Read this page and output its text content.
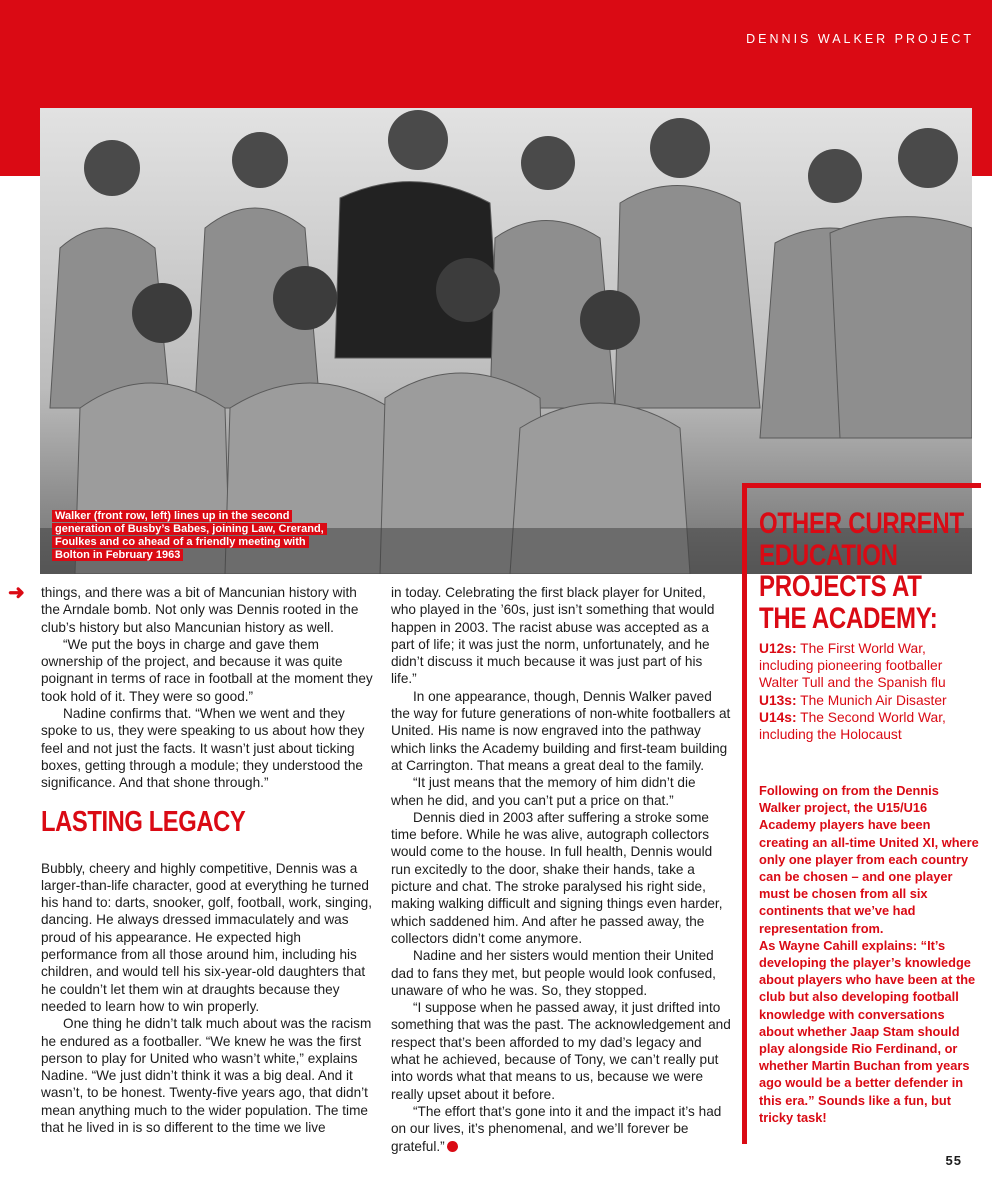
DENNIS WALKER PROJECT
Walker (front row, left) lines up in the second generation of Busby’s Babes, joining Law, Crerand, Foulkes and co ahead of a friendly meeting with Bolton in February 1963
➜ things, and there was a bit of Mancunian history with the Arndale bomb. Not only was Dennis rooted in the club’s history but also Mancunian history as well.

“We put the boys in charge and gave them ownership of the project, and because it was quite poignant in terms of race in football at the moment they took hold of it. They were so good.”

Nadine confirms that. “When we went and they spoke to us, they were speaking to us about how they feel and not just the facts. It wasn’t just about ticking boxes, getting through a module; they understood the significance. And that shone through.”

LASTING LEGACY

Bubbly, cheery and highly competitive, Dennis was a larger-than-life character, good at everything he turned his hand to: darts, snooker, golf, football, work, singing, dancing. He always dressed immaculately and was proud of his appearance. He expected high performance from all those around him, including his children, and would tell his six-year-old daughters that he couldn’t let them win at draughts because they needed to learn how to win properly.

One thing he didn’t talk much about was the racism he endured as a footballer. “We knew he was the first person to play for United who wasn’t white,” explains Nadine. “We just didn’t think it was a big deal. And it wasn’t, to be honest. Twenty-five years ago, that didn’t mean anything much to the wider population. The time that he lived in is so different to the time we live

in today. Celebrating the first black player for United, who played in the ’60s, just isn’t something that would happen in 2003. The racist abuse was accepted as a part of life; it was just the norm, unfortunately, and he didn’t discuss it much because it was just part of his life.”

In one appearance, though, Dennis Walker paved the way for future generations of non-white footballers at United. His name is now engraved into the pathway which links the Academy building and first-team building at Carrington. That means a great deal to the family.

“It just means that the memory of him didn’t die when he did, and you can’t put a price on that.”

Dennis died in 2003 after suffering a stroke some time before. While he was alive, autograph collectors would come to the house. In full health, Dennis would run excitedly to the door, shake their hands, take a picture and chat. The stroke paralysed his right side, making walking difficult and signing things even harder, which saddened him. And after he passed away, the collectors didn’t come anymore.

Nadine and her sisters would mention their United dad to fans they met, but people would look confused, unaware of who he was. So, they stopped.

“I suppose when he passed away, it just drifted into something that was the past. The acknowledgement and respect that’s been afforded to my dad’s legacy and what he achieved, because of Tony, we can’t really put into words what that means to us, because we were really upset about it before.

“The effort that’s gone into it and the impact it’s had on our lives, it’s phenomenal, and we’ll forever be grateful.”

OTHER CURRENT EDUCATION PROJECTS AT THE ACADEMY:
U12s: The First World War, including pioneering footballer Walter Tull and the Spanish flu
U13s: The Munich Air Disaster
U14s: The Second World War, including the Holocaust

Following on from the Dennis Walker project, the U15/U16 Academy players have been creating an all-time United XI, where only one player from each country can be chosen – and one player must be chosen from all six continents that we’ve had representation from.

As Wayne Cahill explains: “It’s developing the player’s knowledge about players who have been at the club but also developing football knowledge with conversations about whether Jaap Stam should play alongside Rio Ferdinand, or whether Martin Buchan from years ago would be a better defender in this era.” Sounds like a fun, but tricky task!

55
